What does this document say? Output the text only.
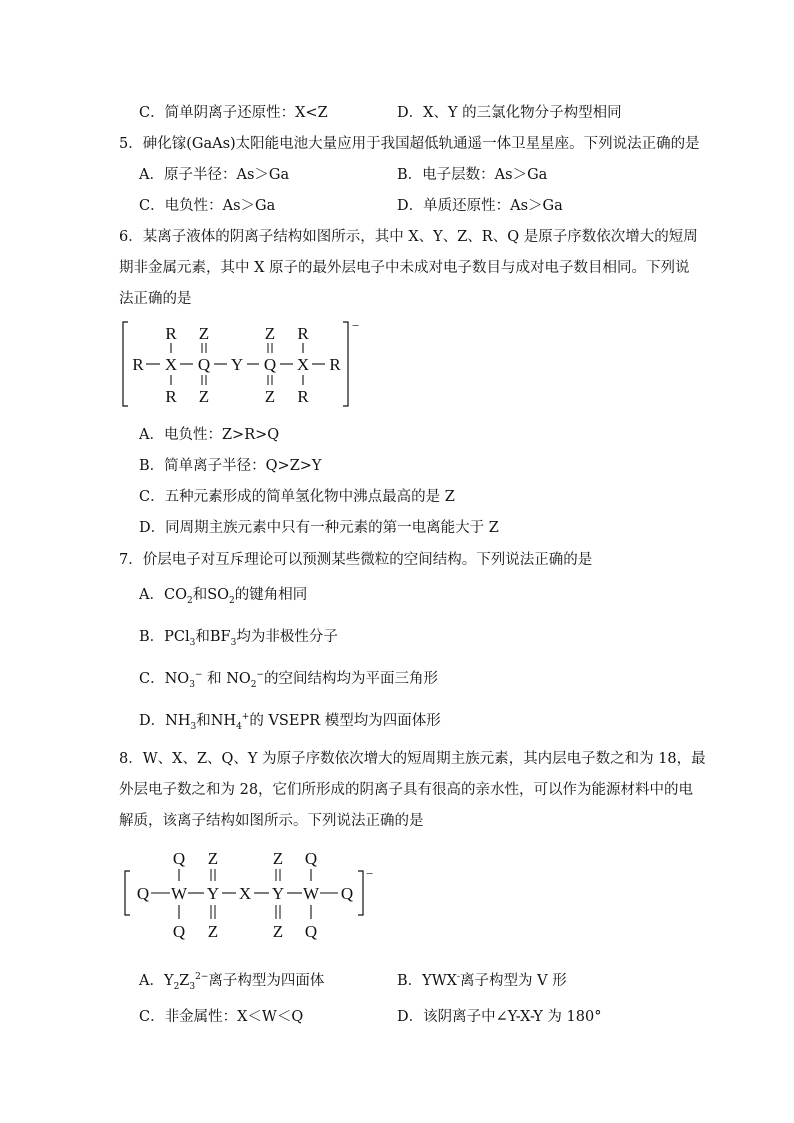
C．简单阴离子还原性：X<Z	D．X、Y 的三氯化物分子构型相同
5．砷化镓(GaAs)太阳能电池大量应用于我国超低轨通遥一体卫星星座。下列说法正确的是
A．原子半径：As＞Ga	B．电子层数：As＞Ga
C．电负性：As＞Ga	D．单质还原性：As＞Ga
6．某离子液体的阴离子结构如图所示，其中 X、Y、Z、R、Q 是原子序数依次增大的短周
期非金属元素，其中 X 原子的最外层电子中未成对电子数目与成对电子数目相同。下列说
法正确的是
−
R X Q Y Q X R
R Z	Z R
R Z	Z R
A．电负性：Z>R>Q
B．简单离子半径：Q>Z>Y
C．五种元素形成的简单氢化物中沸点最高的是 Z
D．同周期主族元素中只有一种元素的第一电离能大于 Z
7．价层电子对互斥理论可以预测某些微粒的空间结构。下列说法正确的是
A．$CO_2$和$SO_2$的键角相同
B．PCl$_3$和$BF_3$均为非极性分子
C．$NO_3^-$ 和 $NO_2^-$的空间结构均为平面三角形
D．$NH_3$和$NH_4^+$的 VSEPR 模型均为四面体形
8．W、X、Z、Q、Y 为原子序数依次增大的短周期主族元素，其内层电子数之和为 18，最
外层电子数之和为 28，它们所形成的阴离子具有很高的亲水性，可以作为能源材料中的电
解质，该离子结构如图所示。下列说法正确的是
−
Q W Y X Y W Q
Q Z	Z Q
Q Z	Z Q
A．$Y_2Z_3^{2-}$离子构型为四面体	B．YWX-离子构型为 V 形
C．非金属性：X＜W＜Q	D．该阴离子中∠Y-X-Y 为 180°
